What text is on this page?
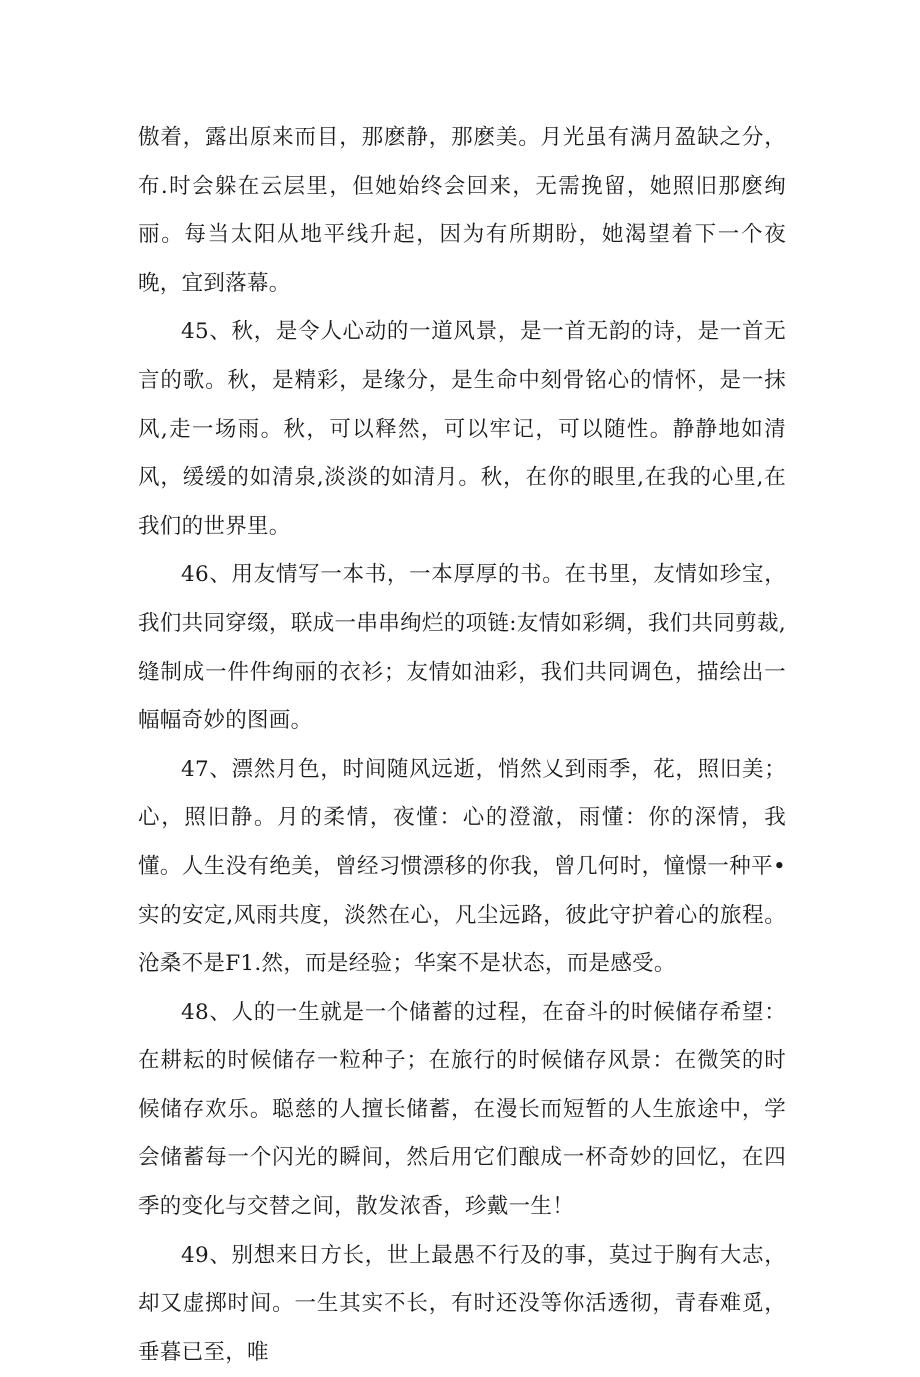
傲着，露出原来而目，那麽静，那麽美。月光虽有满月盈缺之分，布.时会躲在云层里，但她始终会回来，无需挽留，她照旧那麽绚丽。每当太阳从地平线升起，因为有所期盼，她渴望着下一个夜晚，宜到落幕。

45、秋，是令人心动的一道风景，是一首无韵的诗，是一首无言的歌。秋，是精彩，是缘分，是生命中刻骨铭心的情怀，是一抹风,走一场雨。秋，可以释然，可以牢记，可以随性。静静地如清风，缓缓的如清泉,淡淡的如清月。秋，在你的眼里,在我的心里,在我们的世界里。

46、用友情写一本书，一本厚厚的书。在书里，友情如珍宝，我们共同穿缀，联成一串串绚烂的项链:友情如彩绸，我们共同剪裁,缝制成一件件绚丽的衣衫；友情如油彩，我们共同调色，描绘出一幅幅奇妙的图画。

47、漂然月色，时间随风远逝，悄然乂到雨季，花，照旧美；心，照旧静。月的柔情，夜懂：心的澄澈，雨懂：你的深情，我懂。人生没有绝美，曾经习惯漂移的你我，曾几何时，憧憬一种平•实的安定,风雨共度，淡然在心，凡尘远路，彼此守护着心的旅程。沧桑不是F1.然，而是经验；华案不是状态，而是感受。

48、人的一生就是一个储蓄的过程，在奋斗的时候储存希望：在耕耘的时候储存一粒种子；在旅行的时候储存风景：在微笑的时候储存欢乐。聪慈的人擅长储蓄，在漫长而短暂的人生旅途中，学会储蓄每一个闪光的瞬间，然后用它们酿成一杯奇妙的回忆，在四季的变化与交替之间，散发浓香，珍戴一生！

49、别想来日方长，世上最愚不行及的事，莫过于胸有大志，却又虚掷时间。一生其实不长，有时还没等你活透彻，青春难觅，垂暮已至，唯
